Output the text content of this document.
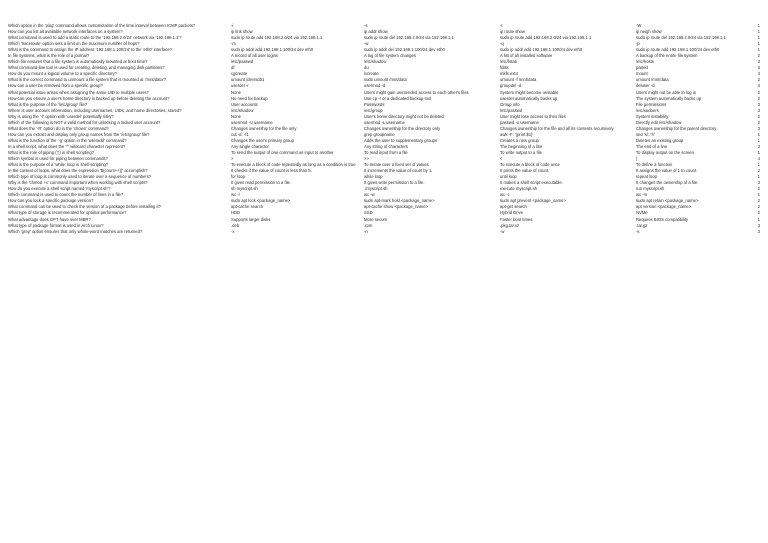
Which option in the 'ping' command allows customization of the time interval between ICMP packets?	-i	-s	-t	-W	1
How can you list all available network interfaces on a system?	ip link show	ip addr show	ip route show	ip neigh show	1
What command is used to add a static route to the '192.168.2.0/24' network via '192.168.1.1'?	sudo ip route add 192.168.2.0/24 via 192.168.1.1	sudo ip route del 192.168.2.0/24 via 192.168.1.1	sudo ip route add 192.168.2.0/24 via 192.168.1.1	sudo ip route del 192.168.2.0/24 via 192.168.1.1	1
Which 'traceroute' option sets a limit on the maximum number of hops?	-m	-w	-q	-p	1
What is the command to assign the IP address '192.168.1.100/24' to the 'eth0' interface?	sudo ip addr add 192.168.1.100/24 dev eth0	sudo ip addr del 192.168.1.100/24 dev eth0	sudo ip addr add 192.168.1.100/24 dev eth0	sudo ip route add 192.168.1.100/24 dev eth0	1
In file systems, what is the role of a journal?	A record of all user logins	A log of file system changes	A list of all installed software	A backup of the entire file system	2
Which file ensures that a file system is automatically mounted at boot time?	/etc/passwd	/etc/shadow	/etc/fstab	/etc/hosts	3
What command-line tool is used for creating, deleting, and managing disk partitions?	df	du	fdisk	parted	3
How do you mount a logical volume to a specific directory?	cgcreate	lvcreate	mkfs.ext4	mount	4
What is the correct command to unmount a file system that is mounted at '/mnt/data'?	umount /dev/sdb1	sudo umount /mnt/data	umount -f /mnt/data	umount /mnt/data	2
How can a user be removed from a specific group?	userdel -r	usermod -d	groupdel -d	deluser -d	4
What potential issue arises when assigning the same UID to multiple users?	None	Users might gain unintended access to each other's files	System might become unstable	Users might not be able to log in	2
How can you ensure a user's home directory is backed up before deleting the account?	No need for backup	Use cp -r or a dedicated backup tool	userdel automatically backs up	The system automatically backs up	2
What is the purpose of the '/etc/group' file?	User accounts	Passwords	Group info	File permissions	3
Where is user account information, including usernames, UIDs, and home directories, stored?	/etc/shadow	/etc/group	/etc/passwd	/etc/sudoers	3
Why is using the '-f' option with 'userdel' potentially risky?	None	User's home directory might not be deleted	User might lose access to their files	System instability	2
Which of the following is NOT a valid method for unlocking a locked user account?	usermod -U username	usermod -L username	passwd -u username	Directly edit /etc/shadow	2
What does the '-R' option do in the 'chown' command?	Changes ownership for the file only	Changes ownership for the directory only	Changes ownership for the file and all its contents recursively	Changes ownership for the parent directory	3
How can you extract and display only group names from the '/etc/group' file?	cut -d: -f1	grep groupname	awk -F: '{print $1}'	sed 's/:.*//'	1
What is the function of the '-g' option in the 'useradd' command?	Changes the user's primary group	Adds the user to supplementary groups	Creates a new group	Deletes an existing group	1
In a shell script, what does the '^' wildcard character represent?	Any single character	Any string of characters	The beginning of a line	The end of a line	3
What is the role of piping ('|') in shell scripting?	To send the output of one command as input to another	To read input from a file	To write output to a file	To display output on the screen	1
Which symbol is used for piping between commands?	>	>>	<	|	4
What is the purpose of a 'while' loop in shell scripting?	To execute a block of code repeatedly as long as a condition is true	To iterate over a fixed set of values	To execute a block of code once	To define a function	1
In the context of loops, what does the expression '$(count++))' accomplish?	It checks if the value of count is less than 5.	It increments the value of count by 1.	It prints the value of count.	It assigns the value of 1 to count.	2
Which type of loop is commonly used to iterate over a sequence of numbers?	for loop	while loop	until loop	repeat loop	1
Why is the 'chmod +x' command important when working with shell scripts?	It gives read permission to a file.	It gives write permission to a file.	It makes a shell script executable.	It changes the ownership of a file.	3
How do you execute a shell script named 'myscript.sh'?	sh myscript.sh	./myscript.sh	execute myscript.sh	run myscript.sh	2
Which command is used to count the number of lines in a file?	wc -l	wc -w	wc -c	wc -m	1
How can you lock a specific package version?	sudo apt lock <package_name>	sudo apt-mark hold <package_name>	sudo apt prevent <package_name>	sudo apt retain <package_name>	2
What command can be used to check the version of a package before installing it?	apt-cache search	apt-cache show <package_name>	apt-get search	apt version <package_name>	2
What type of storage is recommended for optimal performance?	HDD	SSD	Hybrid Drive	NVMe	2
What advantage does GPT have over MBR?	Supports larger disks	More secure	Faster boot times	Requires BIOS compatibility	1
What type of package format is used in Arch Linux?	.deb	.rpm	.pkg.tar.xz	.tar.gz	3
Which 'grep' option ensures that only whole-word matches are returned?	-x	-n	-w	-s	3
